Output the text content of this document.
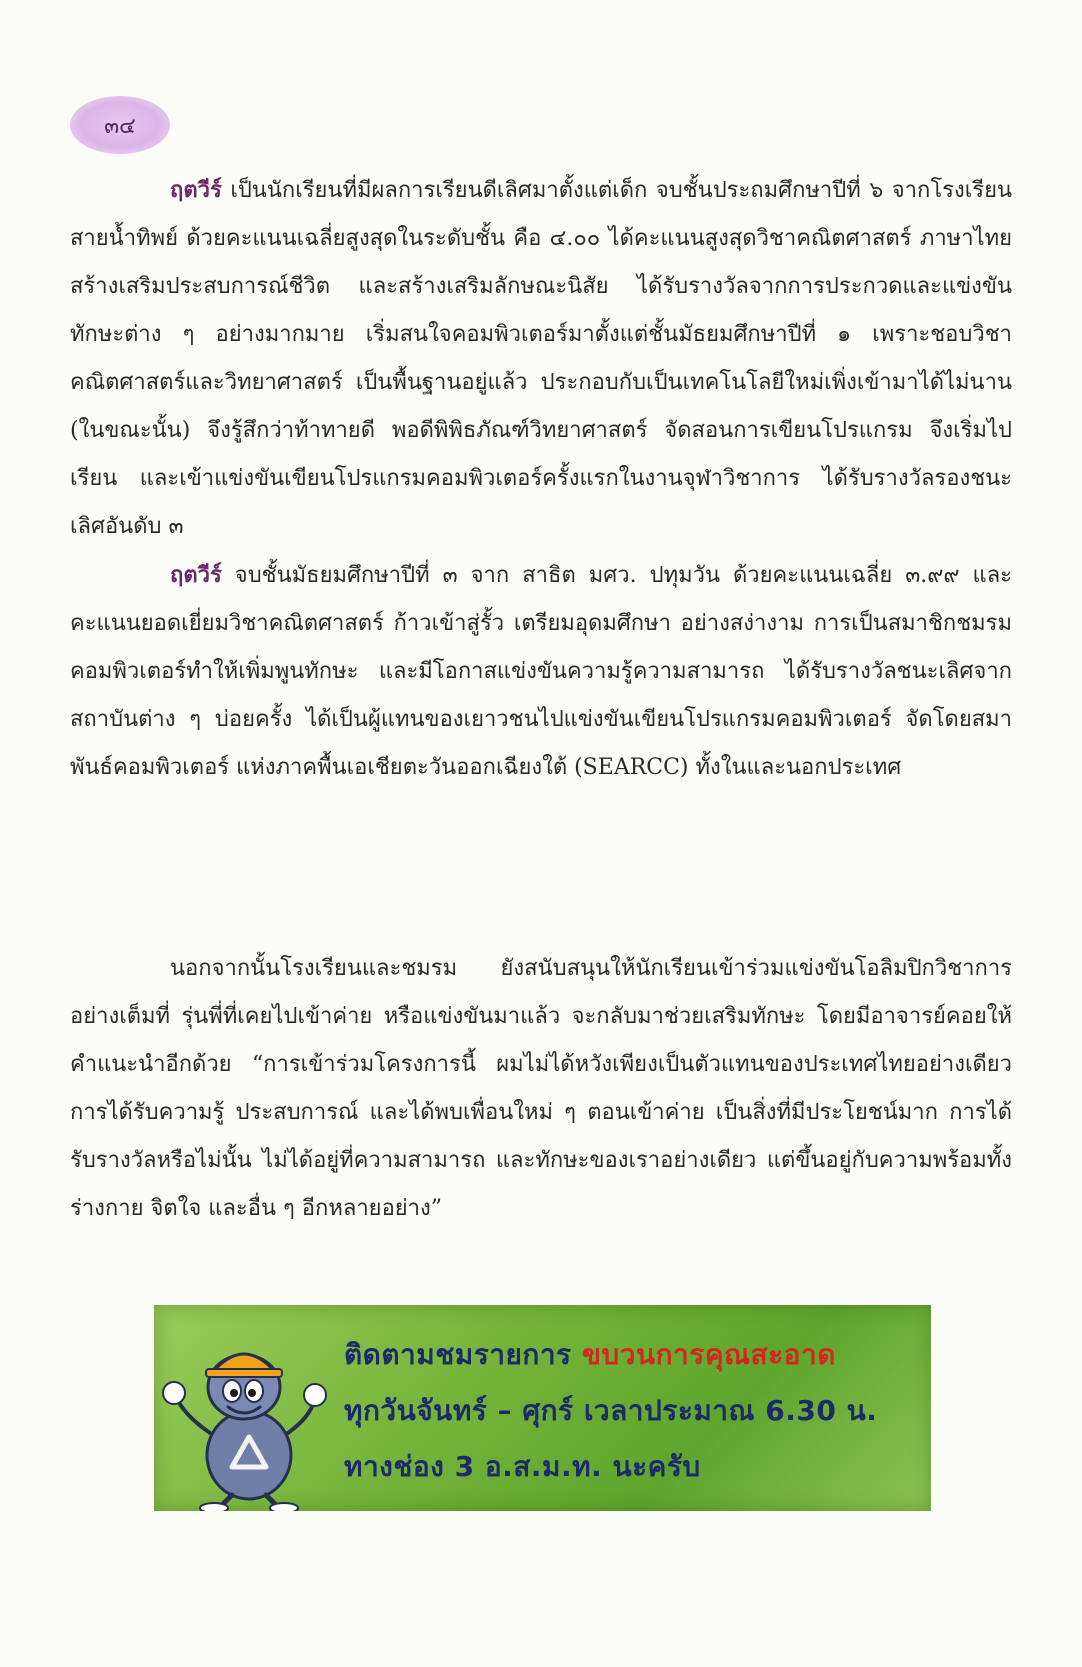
๓๔

ฤตวีร์ เป็นนักเรียนที่มีผลการเรียนดีเลิศมาตั้งแต่เด็ก จบชั้นประถมศึกษาปีที่ ๖ จากโรงเรียนสายน้ำทิพย์ ด้วยคะแนนเฉลี่ยสูงสุดในระดับชั้น คือ ๔.๐๐ ได้คะแนนสูงสุดวิชาคณิตศาสตร์ ภาษาไทย สร้างเสริมประสบการณ์ชีวิต และสร้างเสริมลักษณะนิสัย ได้รับรางวัลจากการประกวดและแข่งขันทักษะต่าง ๆ อย่างมากมาย เริ่มสนใจคอมพิวเตอร์มาตั้งแต่ชั้นมัธยมศึกษาปีที่ ๑ เพราะชอบวิชาคณิตศาสตร์และวิทยาศาสตร์ เป็นพื้นฐานอยู่แล้ว ประกอบกับเป็นเทคโนโลยีใหม่เพิ่งเข้ามาได้ไม่นาน (ในขณะนั้น) จึงรู้สึกว่าท้าทายดี พอดีพิพิธภัณฑ์วิทยาศาสตร์ จัดสอนการเขียนโปรแกรม จึงเริ่มไปเรียน และเข้าแข่งขันเขียนโปรแกรมคอมพิวเตอร์ครั้งแรกในงานจุฬาวิชาการ ได้รับรางวัลรองชนะเลิศอันดับ ๓

ฤตวีร์ จบชั้นมัธยมศึกษาปีที่ ๓ จาก สาธิต มศว. ปทุมวัน ด้วยคะแนนเฉลี่ย ๓.๙๙ และ คะแนนยอดเยี่ยมวิชาคณิตศาสตร์ ก้าวเข้าสู่รั้ว เตรียมอุดมศึกษา อย่างสง่างาม การเป็นสมาชิกชมรมคอมพิวเตอร์ทำให้เพิ่มพูนทักษะ และมีโอกาสแข่งขันความรู้ความสามารถ ได้รับรางวัลชนะเลิศจากสถาบันต่าง ๆ บ่อยครั้ง ได้เป็นผู้แทนของเยาวชนไปแข่งขันเขียนโปรแกรมคอมพิวเตอร์ จัดโดยสมาพันธ์คอมพิวเตอร์ แห่งภาคพื้นเอเชียตะวันออกเฉียงใต้ (SEARCC) ทั้งในและนอกประเทศ

นอกจากนั้นโรงเรียนและชมรม ยังสนับสนุนให้นักเรียนเข้าร่วมแข่งขันโอลิมปิกวิชาการอย่างเต็มที่ รุ่นพี่ที่เคยไปเข้าค่าย หรือแข่งขันมาแล้ว จะกลับมาช่วยเสริมทักษะ โดยมีอาจารย์คอยให้คำแนะนำอีกด้วย “การเข้าร่วมโครงการนี้ ผมไม่ได้หวังเพียงเป็นตัวแทนของประเทศไทยอย่างเดียว การได้รับความรู้ ประสบการณ์ และได้พบเพื่อนใหม่ ๆ ตอนเข้าค่าย เป็นสิ่งที่มีประโยชน์มาก การได้รับรางวัลหรือไม่นั้น ไม่ได้อยู่ที่ความสามารถ และทักษะของเราอย่างเดียว แต่ขึ้นอยู่กับความพร้อมทั้งร่างกาย จิตใจ และอื่น ๆ อีกหลายอย่าง”

ติดตามชมรายการ ขบวนการคุณสะอาด
ทุกวันจันทร์ – ศุกร์ เวลาประมาณ 6.30 น.
ทางช่อง 3 อ.ส.ม.ท. นะครับ
